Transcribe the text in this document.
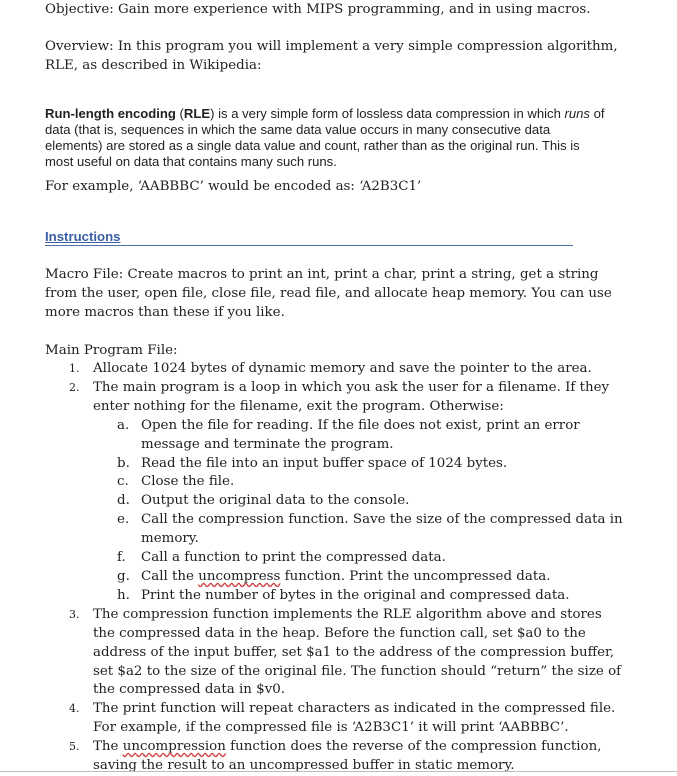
Objective: Gain more experience with MIPS programming, and in using macros.

Overview: In this program you will implement a very simple compression algorithm, RLE, as described in Wikipedia:

Run-length encoding (RLE) is a very simple form of lossless data compression in which runs of data (that is, sequences in which the same data value occurs in many consecutive data elements) are stored as a single data value and count, rather than as the original run. This is most useful on data that contains many such runs.

For example, ‘AABBBC’ would be encoded as: ‘A2B3C1’

Instructions

Macro File: Create macros to print an int, print a char, print a string, get a string from the user, open file, close file, read file, and allocate heap memory. You can use more macros than these if you like.

Main Program File:

1. Allocate 1024 bytes of dynamic memory and save the pointer to the area.
2. The main program is a loop in which you ask the user for a filename. If they enter nothing for the filename, exit the program. Otherwise:
a. Open the file for reading. If the file does not exist, print an error message and terminate the program.
b. Read the file into an input buffer space of 1024 bytes.
c. Close the file.
d. Output the original data to the console.
e. Call the compression function. Save the size of the compressed data in memory.
f. Call a function to print the compressed data.
g. Call the uncompress function. Print the uncompressed data.
h. Print the number of bytes in the original and compressed data.
3. The compression function implements the RLE algorithm above and stores the compressed data in the heap. Before the function call, set $a0 to the address of the input buffer, set $a1 to the address of the compression buffer, set $a2 to the size of the original file. The function should “return” the size of the compressed data in $v0.
4. The print function will repeat characters as indicated in the compressed file. For example, if the compressed file is ‘A2B3C1’ it will print ‘AABBBC’.
5. The uncompression function does the reverse of the compression function, saving the result to an uncompressed buffer in static memory.
